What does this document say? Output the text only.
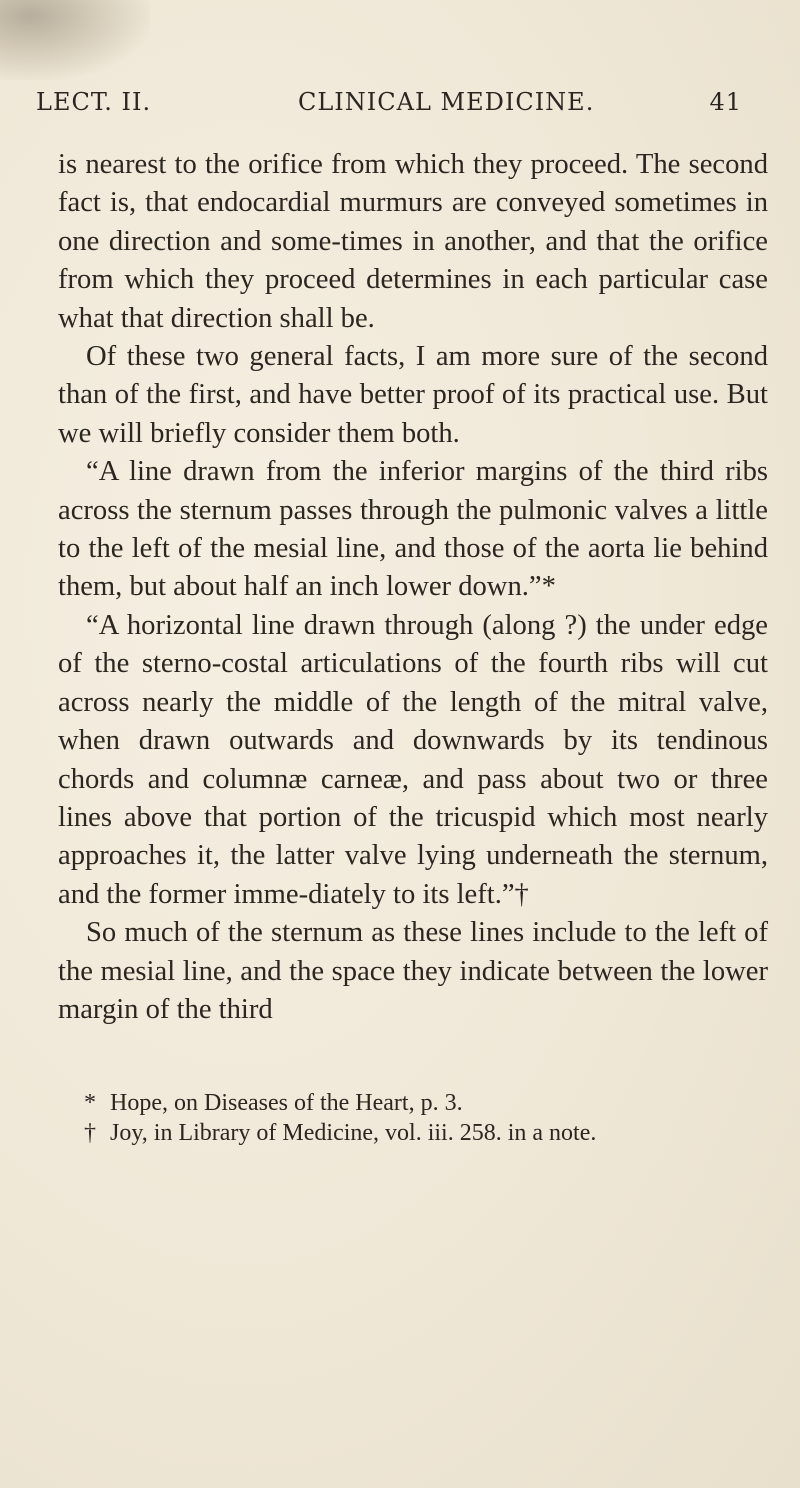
LECT. II.	CLINICAL MEDICINE.	41

is nearest to the orifice from which they proceed. The second fact is, that endocardial murmurs are conveyed sometimes in one direction and some-times in another, and that the orifice from which they proceed determines in each particular case what that direction shall be.

Of these two general facts, I am more sure of the second than of the first, and have better proof of its practical use. But we will briefly consider them both.

“A line drawn from the inferior margins of the third ribs across the sternum passes through the pulmonic valves a little to the left of the mesial line, and those of the aorta lie behind them, but about half an inch lower down.”*

“A horizontal line drawn through (along ?) the under edge of the sterno-costal articulations of the fourth ribs will cut across nearly the middle of the length of the mitral valve, when drawn outwards and downwards by its tendinous chords and columnæ carneæ, and pass about two or three lines above that portion of the tricuspid which most nearly approaches it, the latter valve lying underneath the sternum, and the former imme-diately to its left.”†

So much of the sternum as these lines include to the left of the mesial line, and the space they indicate between the lower margin of the third

* Hope, on Diseases of the Heart, p. 3.

† Joy, in Library of Medicine, vol. iii. 258. in a note.
